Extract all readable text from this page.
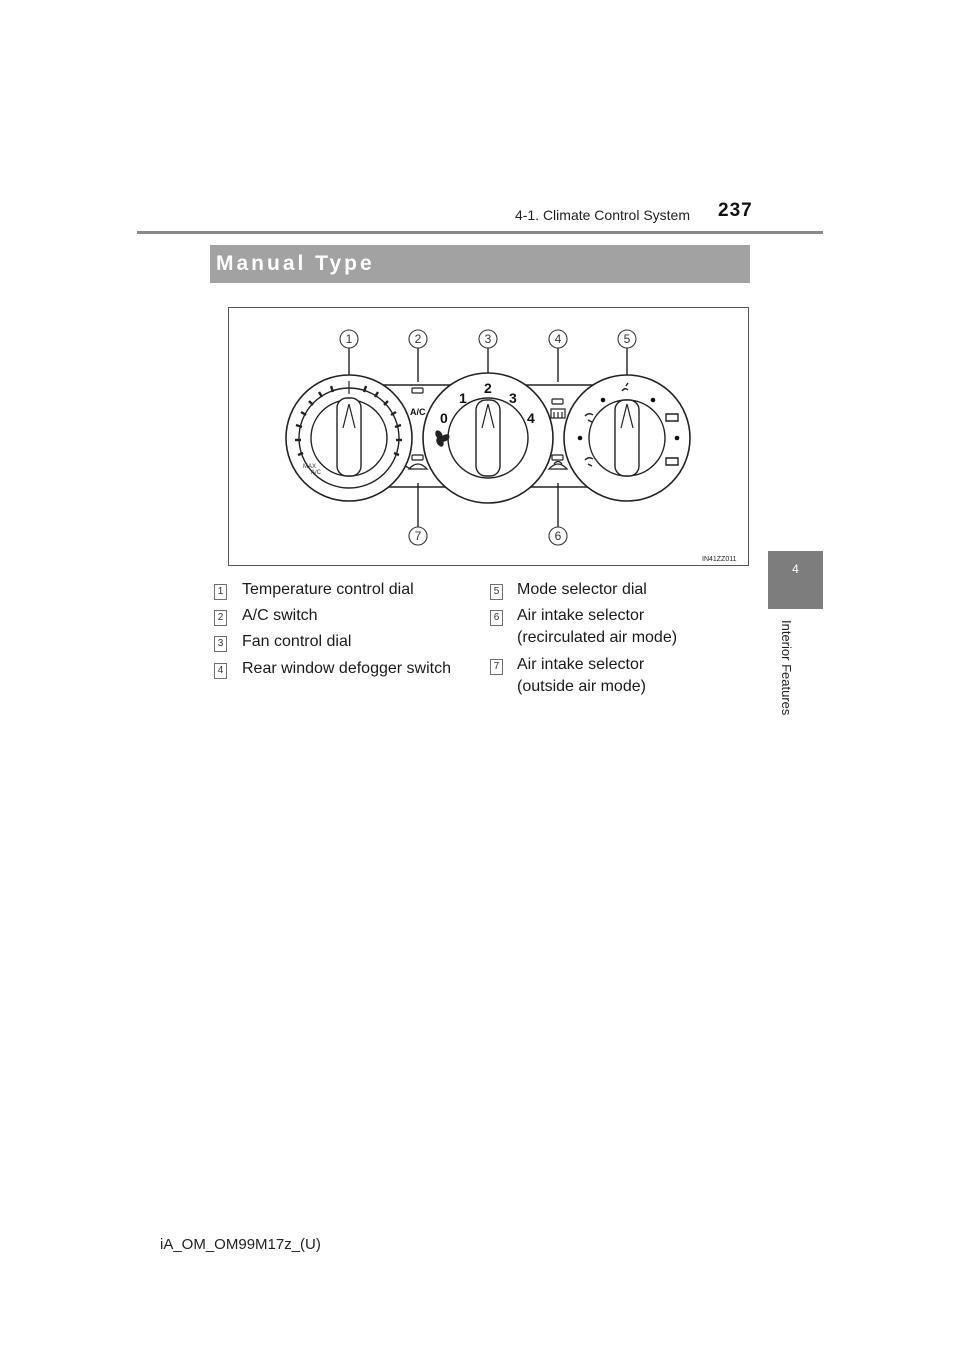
4-1. Climate Control System 237
4
Interior Features
Manual Type
MAX
A/C
0
1
2
3
4
A/C
1	2	3	4	5
6
7
IN41ZZ011
1 Temperature control dial
2 A/C switch
3 Fan control dial
4 Rear window defogger switch
5 Mode selector dial
6 Air intake selector
(recirculated air mode)
7 Air intake selector
(outside air mode)
iA_OM_OM99M17z_(U)
